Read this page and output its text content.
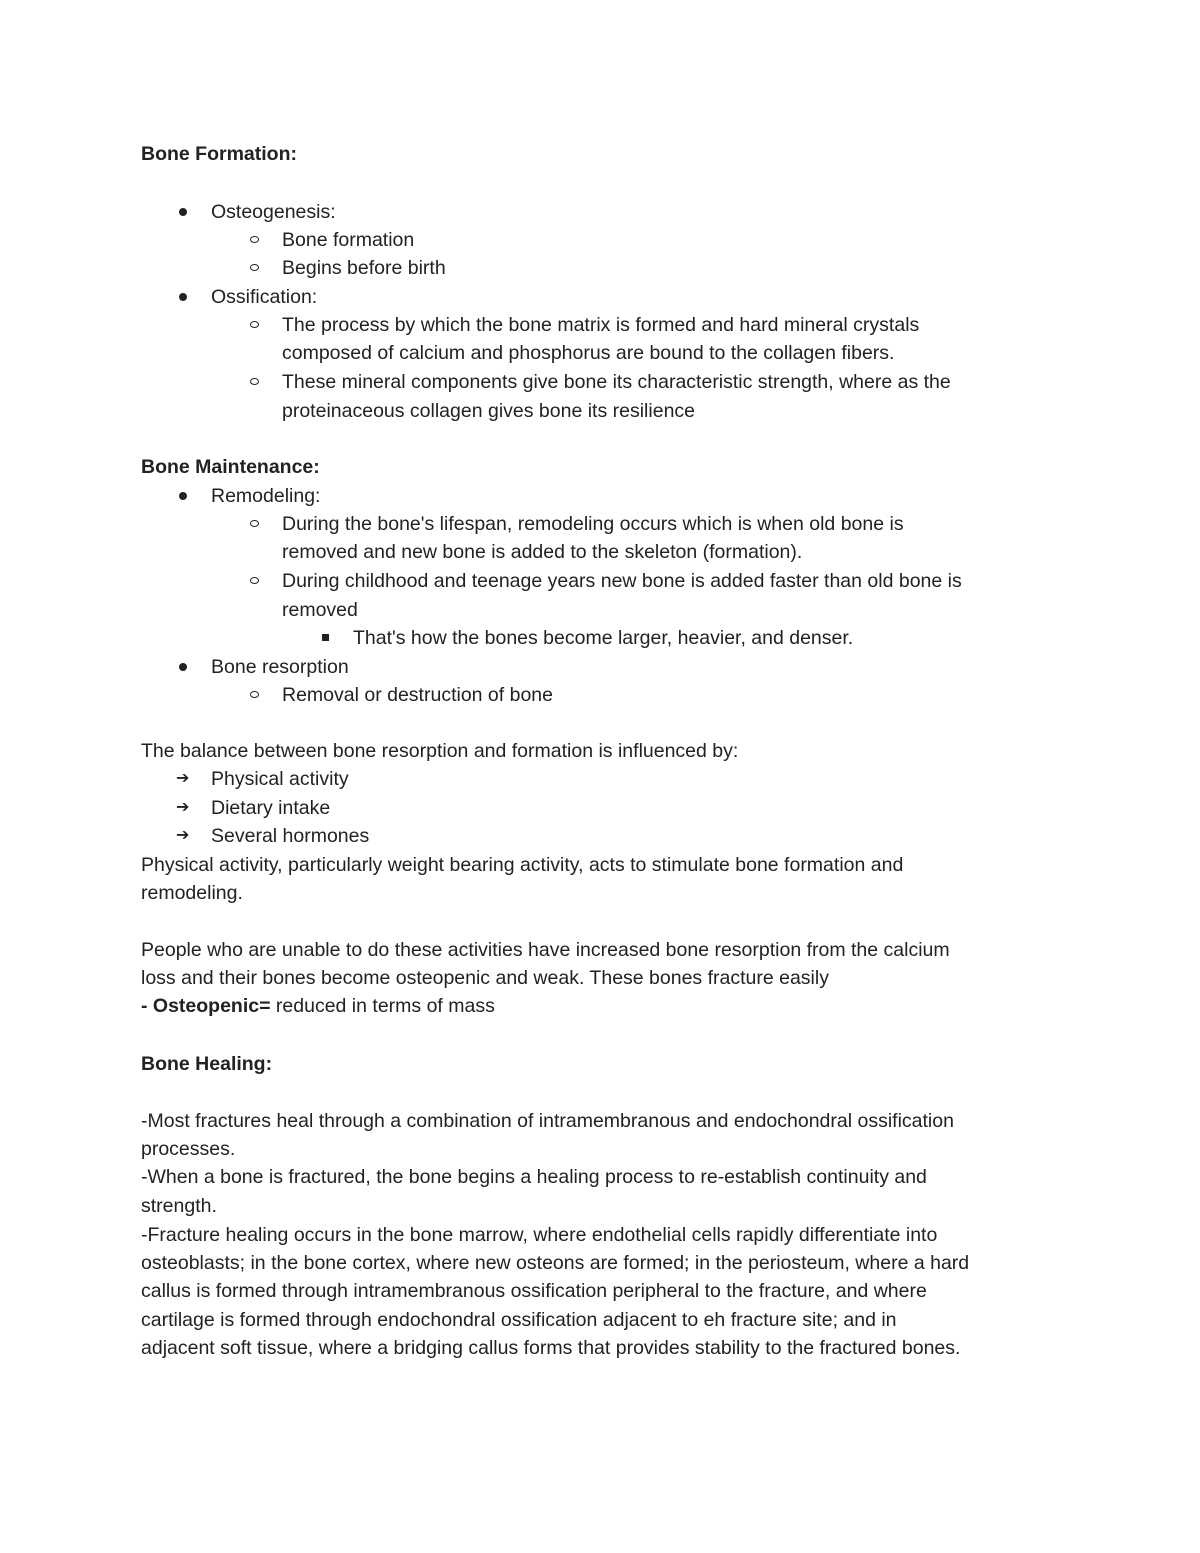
Bone Formation:
Osteogenesis:
Bone formation
Begins before birth
Ossification:
The process by which the bone matrix is formed and hard mineral crystals
composed of calcium and phosphorus are bound to the collagen fibers.
These mineral components give bone its characteristic strength, where as the
proteinaceous collagen gives bone its resilience
Bone Maintenance:
Remodeling:
During the bone's lifespan, remodeling occurs which is when old bone is
removed and new bone is added to the skeleton (formation).
During childhood and teenage years new bone is added faster than old bone is
removed
That's how the bones become larger, heavier, and denser.
Bone resorption
Removal or destruction of bone
The balance between bone resorption and formation is influenced by:
➔ Physical activity
➔ Dietary intake
➔ Several hormones
Physical activity, particularly weight bearing activity, acts to stimulate bone formation and
remodeling.
People who are unable to do these activities have increased bone resorption from the calcium
loss and their bones become osteopenic and weak. These bones fracture easily
- Osteopenic= reduced in terms of mass
Bone Healing:
-Most fractures heal through a combination of intramembranous and endochondral ossification
processes.
-When a bone is fractured, the bone begins a healing process to re-establish continuity and
strength.
-Fracture healing occurs in the bone marrow, where endothelial cells rapidly differentiate into
osteoblasts; in the bone cortex, where new osteons are formed; in the periosteum, where a hard
callus is formed through intramembranous ossification peripheral to the fracture, and where
cartilage is formed through endochondral ossification adjacent to eh fracture site; and in
adjacent soft tissue, where a bridging callus forms that provides stability to the fractured bones.
